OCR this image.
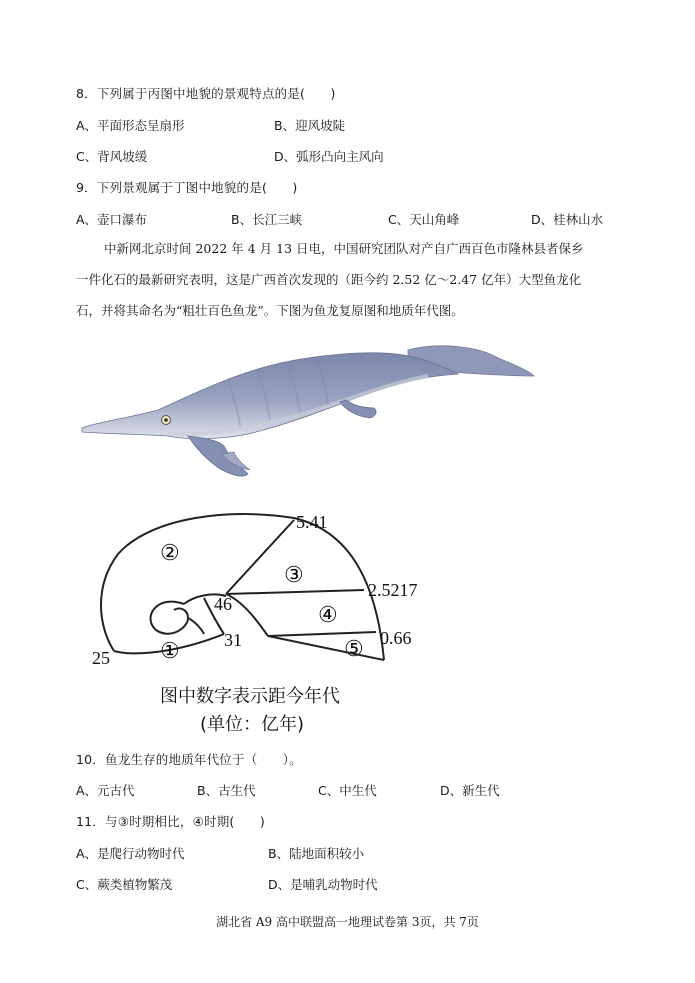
8．下列属于丙图中地貌的景观特点的是(　　)
A、平面形态呈扇形	B、迎风坡陡
C、背风坡缓	D、弧形凸向主风向
9．下列景观属于丁图中地貌的是(　　)
A、壶口瀑布	B、长江三峡	C、天山角峰	D、桂林山水

中新网北京时间 2022 年 4 月 13 日电，中国研究团队对产自广西百色市隆林县者保乡

一件化石的最新研究表明，这是广西首次发现的（距今约 2.52 亿～2.47 亿年）大型鱼龙化

石，并将其命名为“粗壮百色鱼龙”。下图为鱼龙复原图和地质年代图。

5.41
2.5217
0.66
46
31
25 ①
②
③
④
⑤
图中数字表示距今年代
(单位：亿年)
10．鱼龙生存的地质年代位于（　　）。
A、元古代	B、古生代	C、中生代	D、新生代
11．与③时期相比，④时期(　　)
A、是爬行动物时代	B、陆地面积较小
C、蕨类植物繁茂	D、是哺乳动物时代
湖北省 A9 高中联盟高一地理试卷第 3页，共 7页
